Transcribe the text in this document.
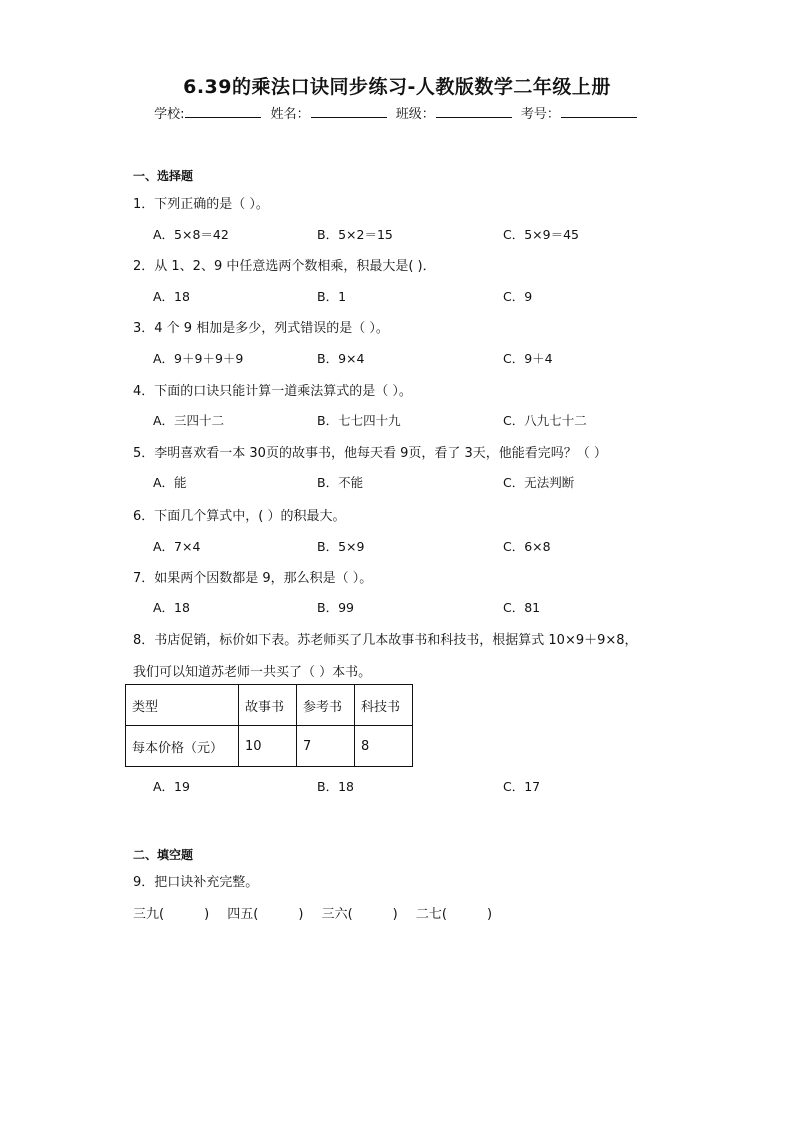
6.39的乘法口诀同步练习-人教版数学二年级上册
学校:	姓名：	班级：	考号：
一、选择题
1．下列正确的是（ ）。
A．5×8＝42	B．5×2＝15	C．5×9＝45
2．从 1、2、9 中任意选两个数相乘，积最大是( )．
A．18	B．1	C．9
3．4 个 9 相加是多少，列式错误的是（ ）。
A．9＋9＋9＋9	B．9×4	C．9＋4
4．下面的口诀只能计算一道乘法算式的是（ ）。
A．三四十二	B．七七四十九	C．八九七十二
5．李明喜欢看一本 30页的故事书，他每天看 9页，看了 3天，他能看完吗？（ ）
A．能	B．不能	C．无法判断
6．下面几个算式中，( ）的积最大。
A．7×4	B．5×9	C．6×8
7．如果两个因数都是 9，那么积是（ ）。
A．18	B．99	C．81
8．书店促销，标价如下表。苏老师买了几本故事书和科技书，根据算式 10×9＋9×8，
我们可以知道苏老师一共买了（ ）本书。
类型	故事书	参考书	科技书
每本价格（元）	10	7	8
A．19	B．18	C．17
二、填空题
9．把口诀补充完整。
三九(	) 四五(	) 三六(	) 二七(	)
